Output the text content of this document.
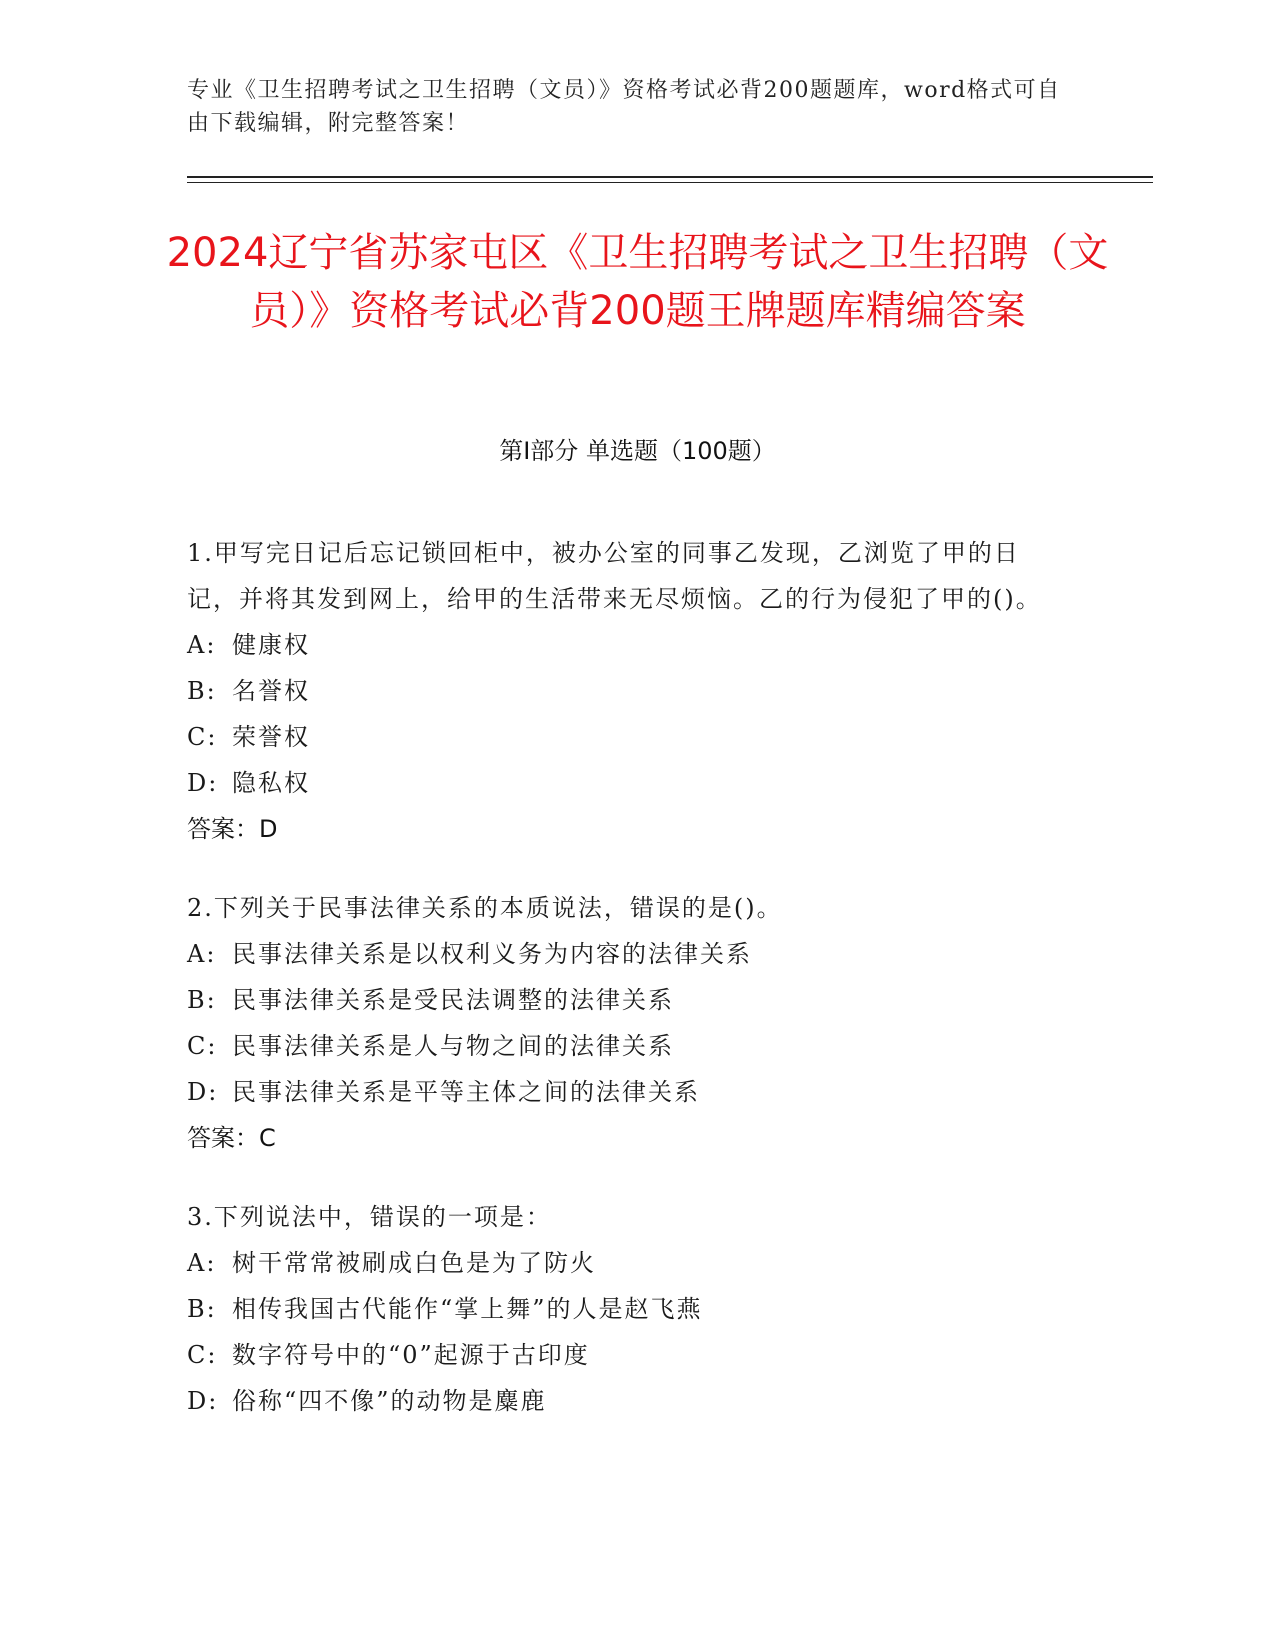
专业《卫生招聘考试之卫生招聘（文员）》资格考试必背200题题库，word格式可自由下载编辑，附完整答案！
2024辽宁省苏家屯区《卫生招聘考试之卫生招聘（文员）》资格考试必背200题王牌题库精编答案
第Ⅰ部分 单选题（100题）
1.甲写完日记后忘记锁回柜中，被办公室的同事乙发现，乙浏览了甲的日记，并将其发到网上，给甲的生活带来无尽烦恼。乙的行为侵犯了甲的()。
A: 健康权
B: 名誉权
C: 荣誉权
D: 隐私权
答案：D
2.下列关于民事法律关系的本质说法，错误的是()。
A: 民事法律关系是以权利义务为内容的法律关系
B: 民事法律关系是受民法调整的法律关系
C: 民事法律关系是人与物之间的法律关系
D: 民事法律关系是平等主体之间的法律关系
答案：C
3.下列说法中，错误的一项是：
A: 树干常常被刷成白色是为了防火
B: 相传我国古代能作“掌上舞”的人是赵飞燕
C: 数字符号中的“0”起源于古印度
D: 俗称“四不像”的动物是麋鹿
